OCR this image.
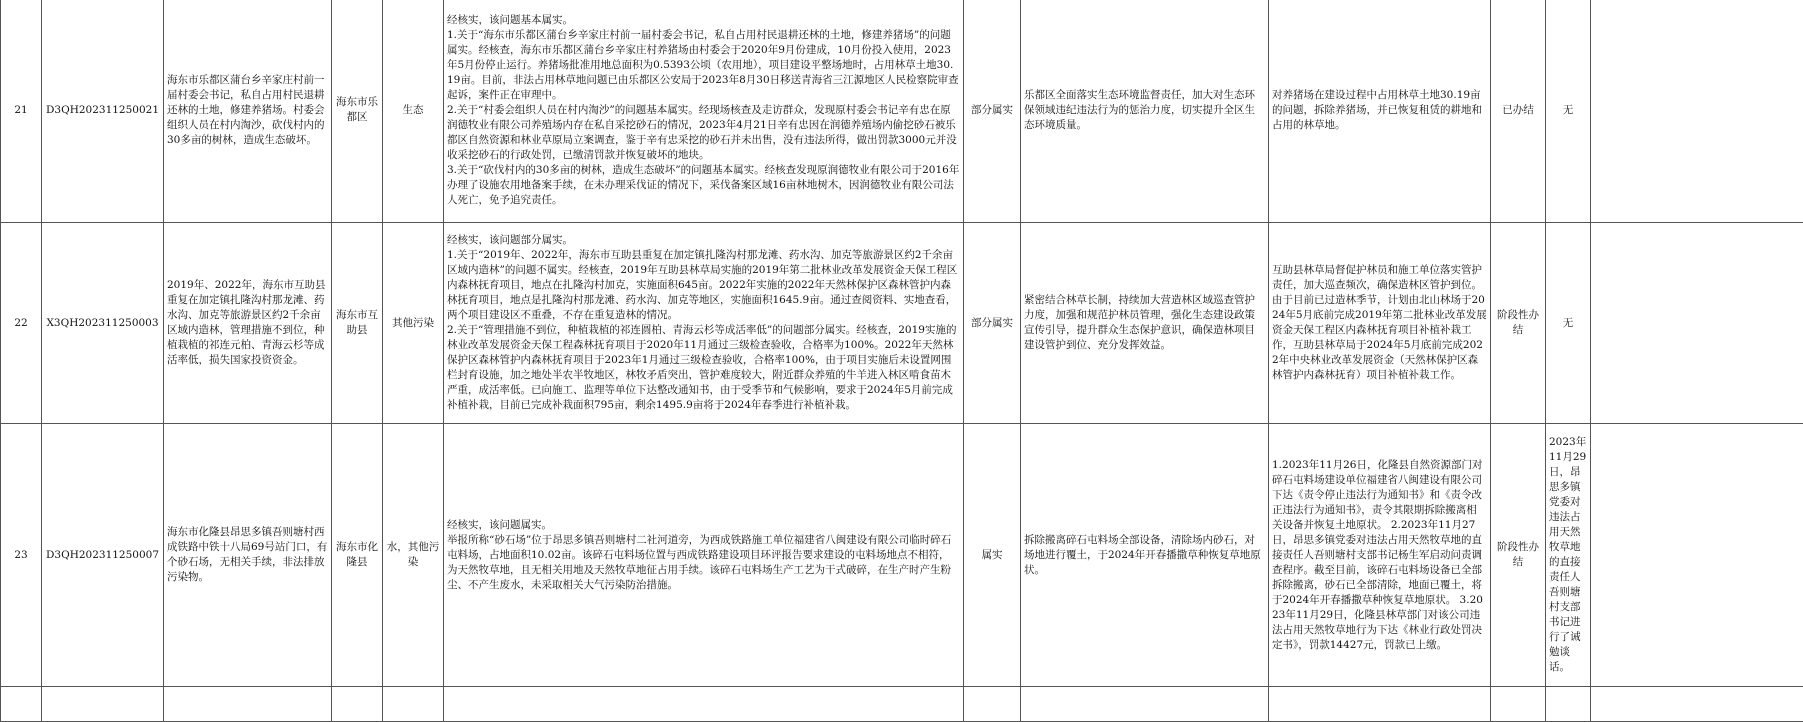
21	D3QH202311250021	海东市乐都区蒲台乡辛家庄村前一届村委会书记，私自占用村民退耕还林的土地，修建养猪场。村委会组织人员在村内淘沙，砍伐村内的30多亩的树林，造成生态破坏。	海东市乐都区	生态	经核实，该问题基本属实。
1.关于“海东市乐都区蒲台乡辛家庄村前一届村委会书记，私自占用村民退耕还林的土地，修建养猪场”的问题属实。经核查，海东市乐都区蒲台乡辛家庄村养猪场由村委会于2020年9月份建成，10月份投入使用，2023年5月份停止运行。养猪场批准用地总面积为0.5393公顷（农用地），项目建设平整场地时，占用林草土地30.19亩。目前，非法占用林草地问题已由乐都区公安局于2023年8月30日移送青海省三江源地区人民检察院审查起诉，案件正在审理中。
2.关于“村委会组织人员在村内淘沙”的问题基本属实。经现场核查及走访群众，发现原村委会书记辛有忠在原润德牧业有限公司养殖场内存在私自采挖砂石的情况，2023年4月21日辛有忠因在润德养殖场内偷挖砂石被乐都区自然资源和林业草原局立案调查，鉴于辛有忠采挖的砂石并未出售，没有违法所得，做出罚款3000元并没收采挖砂石的行政处罚，已缴清罚款并恢复破坏的地块。
3.关于“砍伐村内的30多亩的树林，造成生态破坏”的问题基本属实。经核查发现原润德牧业有限公司于2016年办理了设施农用地备案手续，在未办理采伐证的情况下，采伐备案区域16亩林地树木，因润德牧业有限公司法人死亡，免予追究责任。	部分属实	乐都区全面落实生态环境监督责任，加大对生态环保领域违纪违法行为的惩治力度，切实提升全区生态环境质量。	对养猪场在建设过程中占用林草土地30.19亩的问题，拆除养猪场，并已恢复租赁的耕地和占用的林草地。	已办结	无	
22	X3QH202311250003	2019年、2022年，海东市互助县重复在加定镇扎隆沟村那龙滩、药水沟、加克等旅游景区约2千余亩区域内造林，管理措施不到位，种植栽植的祁连元柏、青海云杉等成活率低，损失国家投资资金。	海东市互助县	其他污染	经核实，该问题部分属实。
1.关于“2019年、2022年，海东市互助县重复在加定镇扎隆沟村那龙滩、药水沟、加克等旅游景区约2千余亩区域内造林”的问题不属实。经核查，2019年互助县林草局实施的2019年第二批林业改革发展资金天保工程区内森林抚育项目，地点在扎隆沟村加克，实施面积645亩。2022年实施的2022年天然林保护区森林管护内森林抚育项目，地点是扎隆沟村那龙滩、药水沟、加克等地区，实施面积1645.9亩。通过查阅资料、实地查看，两个项目建设区不重叠，不存在重复造林的情况。
2.关于“管理措施不到位，种植栽植的祁连圆柏、青海云杉等成活率低”的问题部分属实。经核查，2019实施的林业改革发展资金天保工程森林抚育项目于2020年11月通过三级检查验收，合格率为100%。2022年天然林保护区森林管护内森林抚育项目于2023年1月通过三级检查验收，合格率100%，由于项目实施后未设置网围栏封育设施，加之地处半农半牧地区，林牧矛盾突出，管护难度较大，附近群众养殖的牛羊进入林区啃食苗木严重，成活率低。已向施工、监理等单位下达整改通知书，由于受季节和气候影响，要求于2024年5月前完成补植补栽，目前已完成补栽面积795亩，剩余1495.9亩将于2024年春季进行补植补栽。	部分属实	紧密结合林草长制，持续加大营造林区域巡查管护力度，加强和规范护林员管理，强化生态建设政策宣传引导，提升群众生态保护意识，确保造林项目建设管护到位、充分发挥效益。	互助县林草局督促护林员和施工单位落实管护责任，加大巡查频次，确保造林区管护到位。由于目前已过造林季节，计划由北山林场于2024年5月底前完成2019年第二批林业改革发展资金天保工程区内森林抚育项目补植补栽工作，互助县林草局于2024年5月底前完成2022年中央林业改革发展资金（天然林保护区森林管护内森林抚育）项目补植补栽工作。	阶段性办结	无	
23	D3QH202311250007	海东市化隆县昂思多镇吾则塘村西成铁路中铁十八局69号站门口，有个砂石场，无相关手续，非法排放污染物。	海东市化隆县	水，其他污染	经核实，该问题属实。
举报所称“砂石场”位于昂思多镇吾则塘村二社河道旁，为西成铁路施工单位福建省八闽建设有限公司临时碎石屯料场，占地面积10.02亩。该碎石屯料场位置与西成铁路建设项目环评报告要求建设的屯料场地点不相符，为天然牧草地，且无相关用地及天然牧草地征占用手续。该碎石屯料场生产工艺为干式破碎，在生产时产生粉尘、不产生废水，未采取相关大气污染防治措施。	属实	拆除搬离碎石屯料场全部设备，清除场内砂石，对场地进行覆土，于2024年开春播撒草种恢复草地原状。	1.2023年11月26日，化隆县自然资源部门对碎石屯料场建设单位福建省八闽建设有限公司下达《责令停止违法行为通知书》和《责令改正违法行为通知书》，责令其限期拆除搬离相关设备并恢复土地原状。 2.2023年11月27日，昂思多镇党委对违法占用天然牧草地的直接责任人吾则塘村支部书记杨生军启动问责调查程序。截至目前，该碎石屯料场设备已全部拆除搬离，砂石已全部清除，地面已覆土，将于2024年开春播撒草种恢复草地原状。 3.2023年11月29日，化隆县林草部门对该公司违法占用天然牧草地行为下达《林业行政处罚决定书》，罚款14427元，罚款已上缴。	阶段性办结	2023年11月29日，昂思多镇党委对违法占用天然牧草地的直接责任人吾则塘村支部书记进行了诫勉谈话。	
